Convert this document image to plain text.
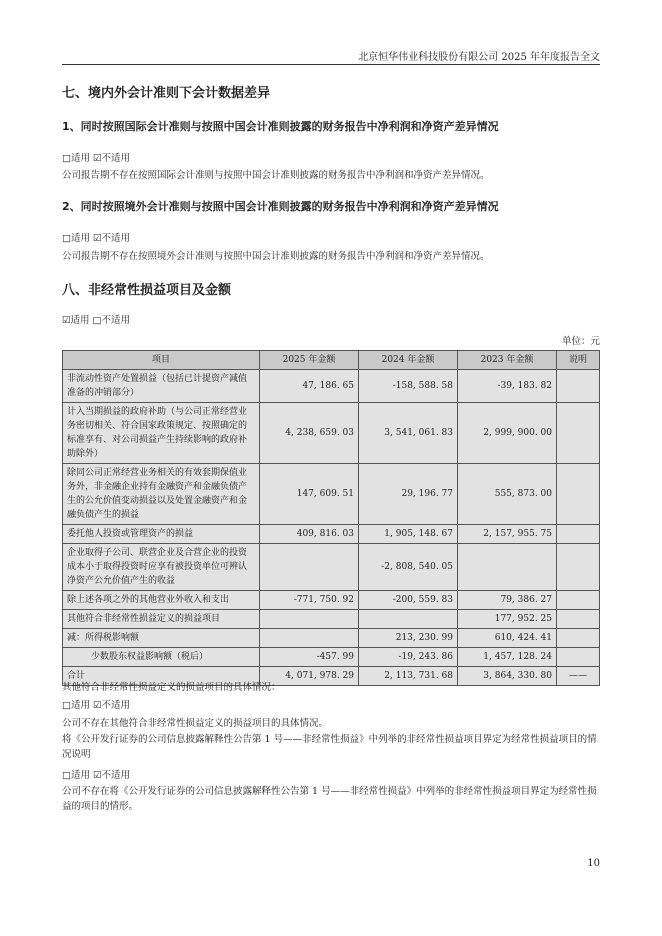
北京恒华伟业科技股份有限公司 2025 年年度报告全文
七、境内外会计准则下会计数据差异
1、同时按照国际会计准则与按照中国会计准则披露的财务报告中净利润和净资产差异情况
□适用 ☑不适用
公司报告期不存在按照国际会计准则与按照中国会计准则披露的财务报告中净利润和净资产差异情况。
2、同时按照境外会计准则与按照中国会计准则披露的财务报告中净利润和净资产差异情况
□适用 ☑不适用
公司报告期不存在按照境外会计准则与按照中国会计准则披露的财务报告中净利润和净资产差异情况。
八、非经常性损益项目及金额
☑适用 □不适用
单位：元
项目	2025 年金额	2024 年金额	2023 年金额	说明
非流动性资产处置损益（包括已计提资产减值准备的冲销部分）	47, 186. 65	-158, 588. 58	-39, 183. 82	
计入当期损益的政府补助（与公司正常经营业务密切相关、符合国家政策规定、按照确定的标准享有、对公司损益产生持续影响的政府补助除外）	4, 238, 659. 03	3, 541, 061. 83	2, 999, 900. 00	
除同公司正常经营业务相关的有效套期保值业务外，非金融企业持有金融资产和金融负债产生的公允价值变动损益以及处置金融资产和金融负债产生的损益	147, 609. 51	29, 196. 77	555, 873. 00	
委托他人投资或管理资产的损益	409, 816. 03	1, 905, 148. 67	2, 157, 955. 75	
企业取得子公司、联营企业及合营企业的投资成本小于取得投资时应享有被投资单位可辨认净资产公允价值产生的收益		-2, 808, 540. 05		
除上述各项之外的其他营业外收入和支出	-771, 750. 92	-200, 559. 83	79, 386. 27	
其他符合非经常性损益定义的损益项目			177, 952. 25	
减：所得税影响额		213, 230. 99	610, 424. 41	
少数股东权益影响额（税后）	-457. 99	-19, 243. 86	1, 457, 128. 24	
合计	4, 071, 978. 29	2, 113, 731. 68	3, 864, 330. 80	——
其他符合非经常性损益定义的损益项目的具体情况：
□适用 ☑不适用
公司不存在其他符合非经常性损益定义的损益项目的具体情况。
将《公开发行证券的公司信息披露解释性公告第 1 号——非经常性损益》中列举的非经常性损益项目界定为经常性损益项目的情况说明
□适用 ☑不适用
公司不存在将《公开发行证券的公司信息披露解释性公告第 1 号——非经常性损益》中列举的非经常性损益项目界定为经常性损益的项目的情形。
10
